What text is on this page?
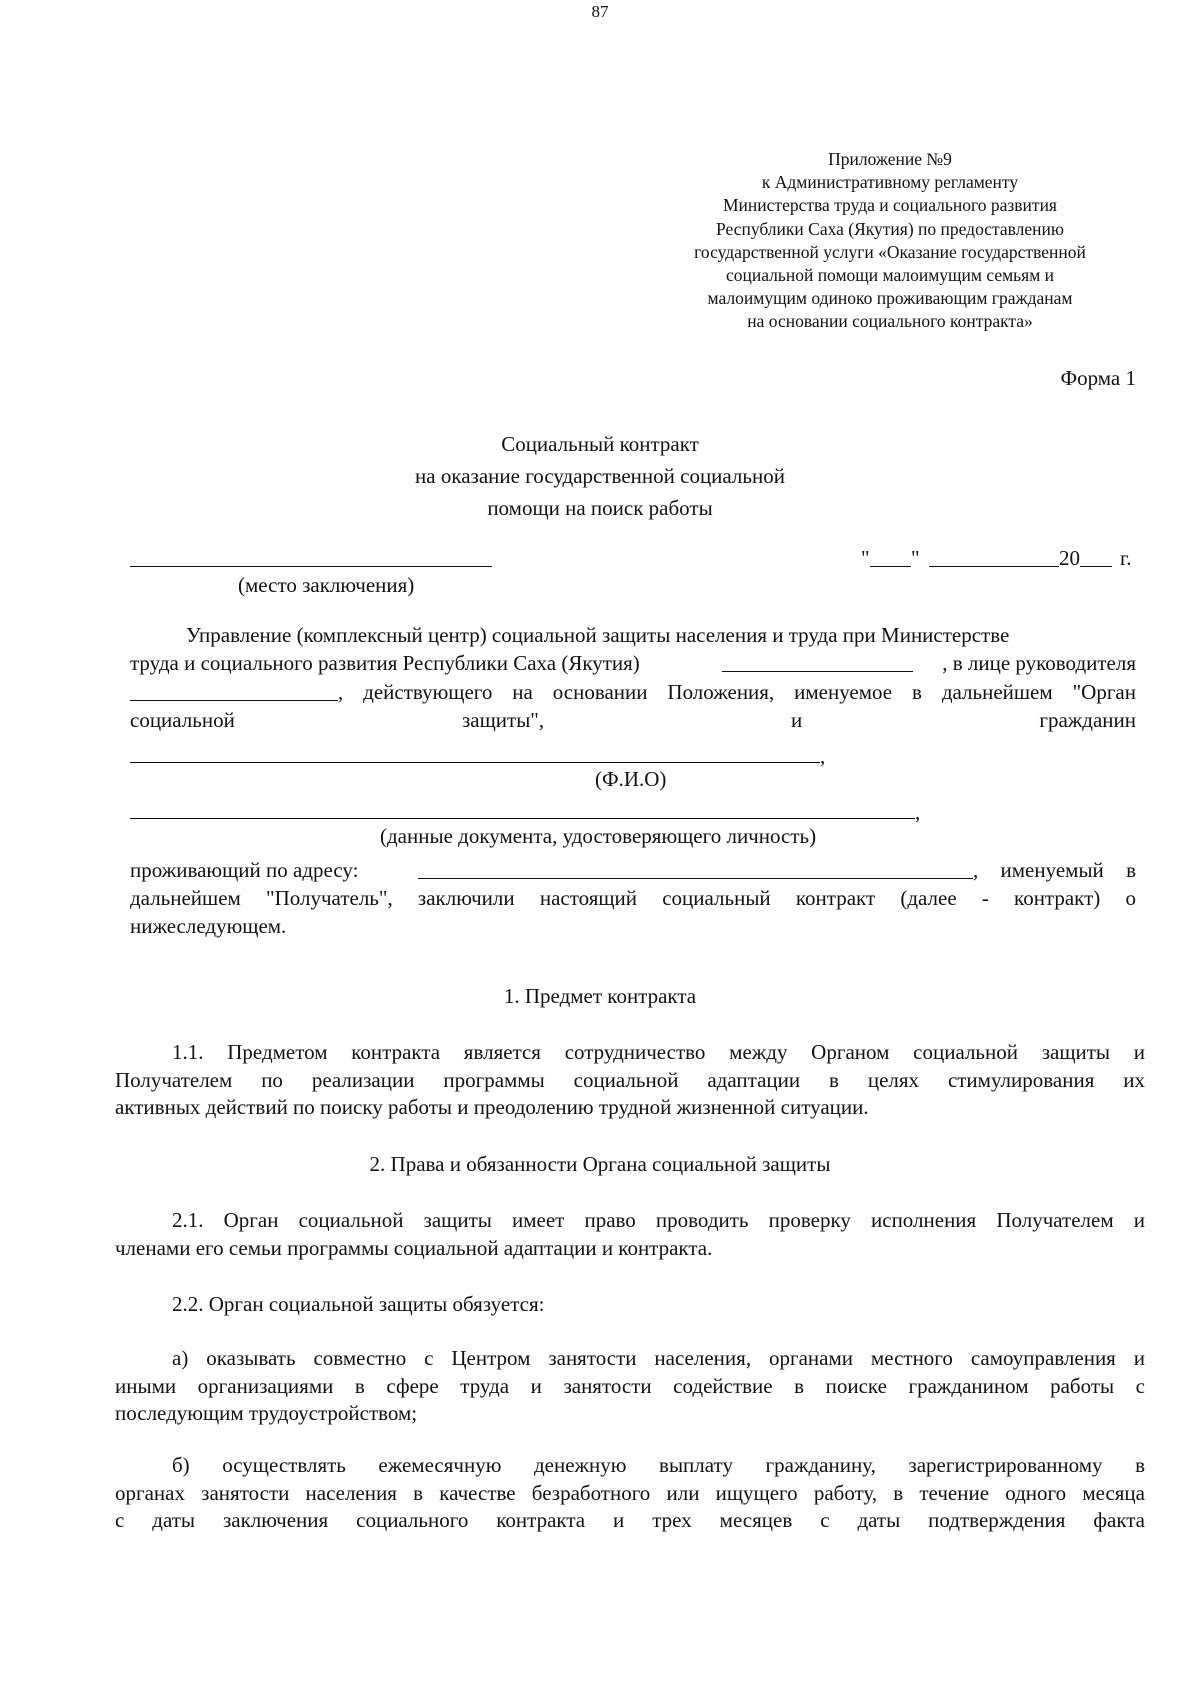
87
Приложение №9
к Административному регламенту
Министерства труда и социального развития
Республики Саха (Якутия) по предоставлению
государственной услуги «Оказание государственной
социальной помощи малоимущим семьям и
малоимущим одиноко проживающим гражданам
на основании социального контракта»
Форма 1
Социальный контракт
на оказание государственной социальной
помощи на поиск работы
(место заключения)
" "	20 г.
Управление (комплексный центр) социальной защиты населения и труда при Министерстве
труда и социального развития Республики Саха (Якутия)	, в лице руководителя
, действующего на основании Положения, именуемое в дальнейшем "Орган
социальной	защиты",	и	гражданин
,
(Ф.И.О)
,
(данные документа, удостоверяющего личность)
проживающий по адресу:	, именуемый в
дальнейшем "Получатель", заключили настоящий социальный контракт (далее - контракт) о
нижеследующем.
1. Предмет контракта
1.1. Предметом контракта является сотрудничество между Органом социальной защиты и
Получателем по реализации программы социальной адаптации в целях стимулирования их
активных действий по поиску работы и преодолению трудной жизненной ситуации.
2. Права и обязанности Органа социальной защиты
2.1. Орган социальной защиты имеет право проводить проверку исполнения Получателем и
членами его семьи программы социальной адаптации и контракта.
2.2. Орган социальной защиты обязуется:
а) оказывать совместно с Центром занятости населения, органами местного самоуправления и
иными организациями в сфере труда и занятости содействие в поиске гражданином работы с
последующим трудоустройством;
б) осуществлять ежемесячную денежную выплату гражданину, зарегистрированному в
органах занятости населения в качестве безработного или ищущего работу, в течение одного месяца
с даты заключения социального контракта и трех месяцев с даты подтверждения факта
